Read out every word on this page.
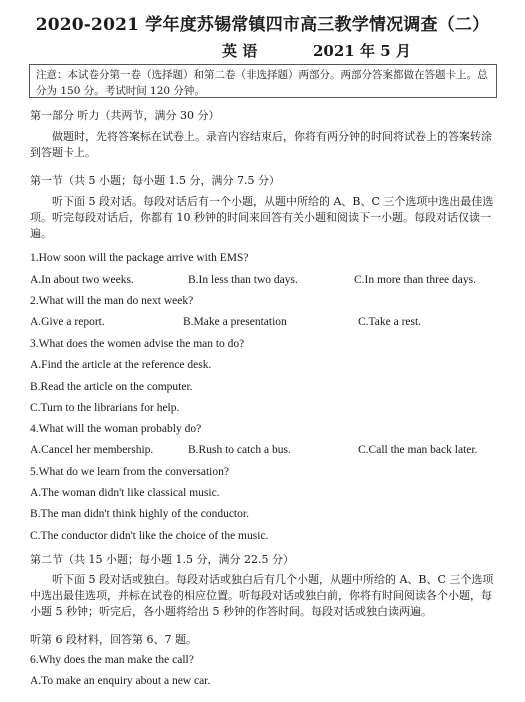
2020-2021 学年度苏锡常镇四市高三教学情况调查（二）
英 语	2021 年 5 月
注意：本试卷分第一卷（选择题）和第二卷（非选择题）两部分。两部分答案都做在答题卡上。总分为 150 分。考试时间 120 分钟。
第一部分 听力（共两节，满分 30 分）
做题时，先将答案标在试卷上。录音内容结束后，你将有两分钟的时间将试卷上的答案转涂到答题卡上。
第一节（共 5 小题；每小题 1.5 分，满分 7.5 分）
听下面 5 段对话。每段对话后有一个小题，从题中所给的 A、B、C 三个选项中选出最佳选项。听完每段对话后，你都有 10 秒钟的时间来回答有关小题和阅读下一小题。每段对话仅读一遍。
1.How soon will the package arrive with EMS?
A.In about two weeks.	B.In less than two days.	C.In more than three days.
2.What will the man do next week?
A.Give a report.	B.Make a presentation	C.Take a rest.
3.What does the women advise the man to do?
A.Find the article at the reference desk.
B.Read the article on the computer.
C.Turn to the librarians for help.
4.What will the woman probably do?
A.Cancel her membership.	B.Rush to catch a bus.	C.Call the man back later.
5.What do we learn from the conversation?
A.The woman didn't like classical music.
B.The man didn't think highly of the conductor.
C.The conductor didn't like the choice of the music.
第二节（共 15 小题；每小题 1.5 分，满分 22.5 分）
听下面 5 段对话或独白。每段对话或独白后有几个小题，从题中所给的 A、B、C 三个选项中选出最佳选项，并标在试卷的相应位置。听每段对话或独白前，你将有时间阅读各个小题，每小题 5 秒钟；听完后，各小题将给出 5 秒钟的作答时间。每段对话或独白读两遍。
听第 6 段材料，回答第 6、7 题。
6.Why does the man make the call?
A.To make an enquiry about a new car.
